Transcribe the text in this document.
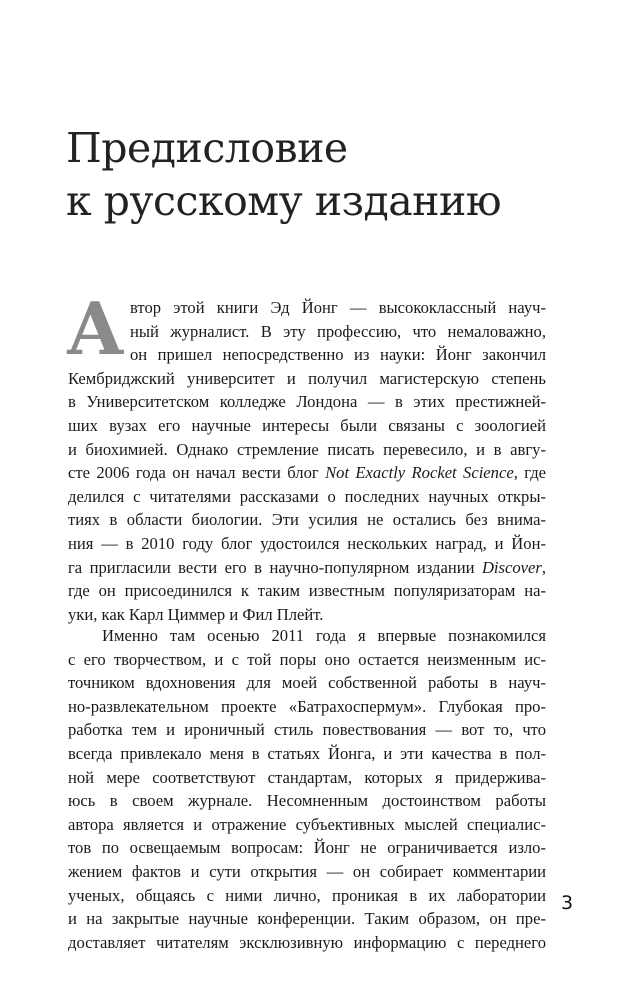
Предисловие
к русскому изданию
А втор этой книги Эд Йонг — высококлассный науч-
ный журналист. В эту профессию, что немаловажно,
он пришел непосредственно из науки: Йонг закончил
Кембриджский университет и получил магистерскую степень
в Университетском колледже Лондона — в этих престижней-
ших вузах его научные интересы были связаны с зоологией
и биохимией. Однако стремление писать перевесило, и в авгу-
сте 2006 года он начал вести блог Not Exactly Rocket Science, где
делился с читателями рассказами о последних научных откры-
тиях в области биологии. Эти усилия не остались без внима-
ния — в 2010 году блог удостоился нескольких наград, и Йон-
га пригласили вести его в научно-популярном издании Discover,
где он присоединился к таким известным популяризаторам на-
уки, как Карл Циммер и Фил Плейт.
Именно там осенью 2011 года я впервые познакомился
с его творчеством, и с той поры оно остается неизменным ис-
точником вдохновения для моей собственной работы в науч-
но-развлекательном проекте «Батрахоспермум». Глубокая про-
работка тем и ироничный стиль повествования — вот то, что
всегда привлекало меня в статьях Йонга, и эти качества в пол-
ной мере соответствуют стандартам, которых я придержива-
юсь в своем журнале. Несомненным достоинством работы
автора является и отражение субъективных мыслей специалис-
тов по освещаемым вопросам: Йонг не ограничивается изло-
жением фактов и сути открытия — он собирает комментарии
ученых, общаясь с ними лично, проникая в их лаборатории
и на закрытые научные конференции. Таким образом, он пре-
доставляет читателям эксклюзивную информацию с переднего
3
